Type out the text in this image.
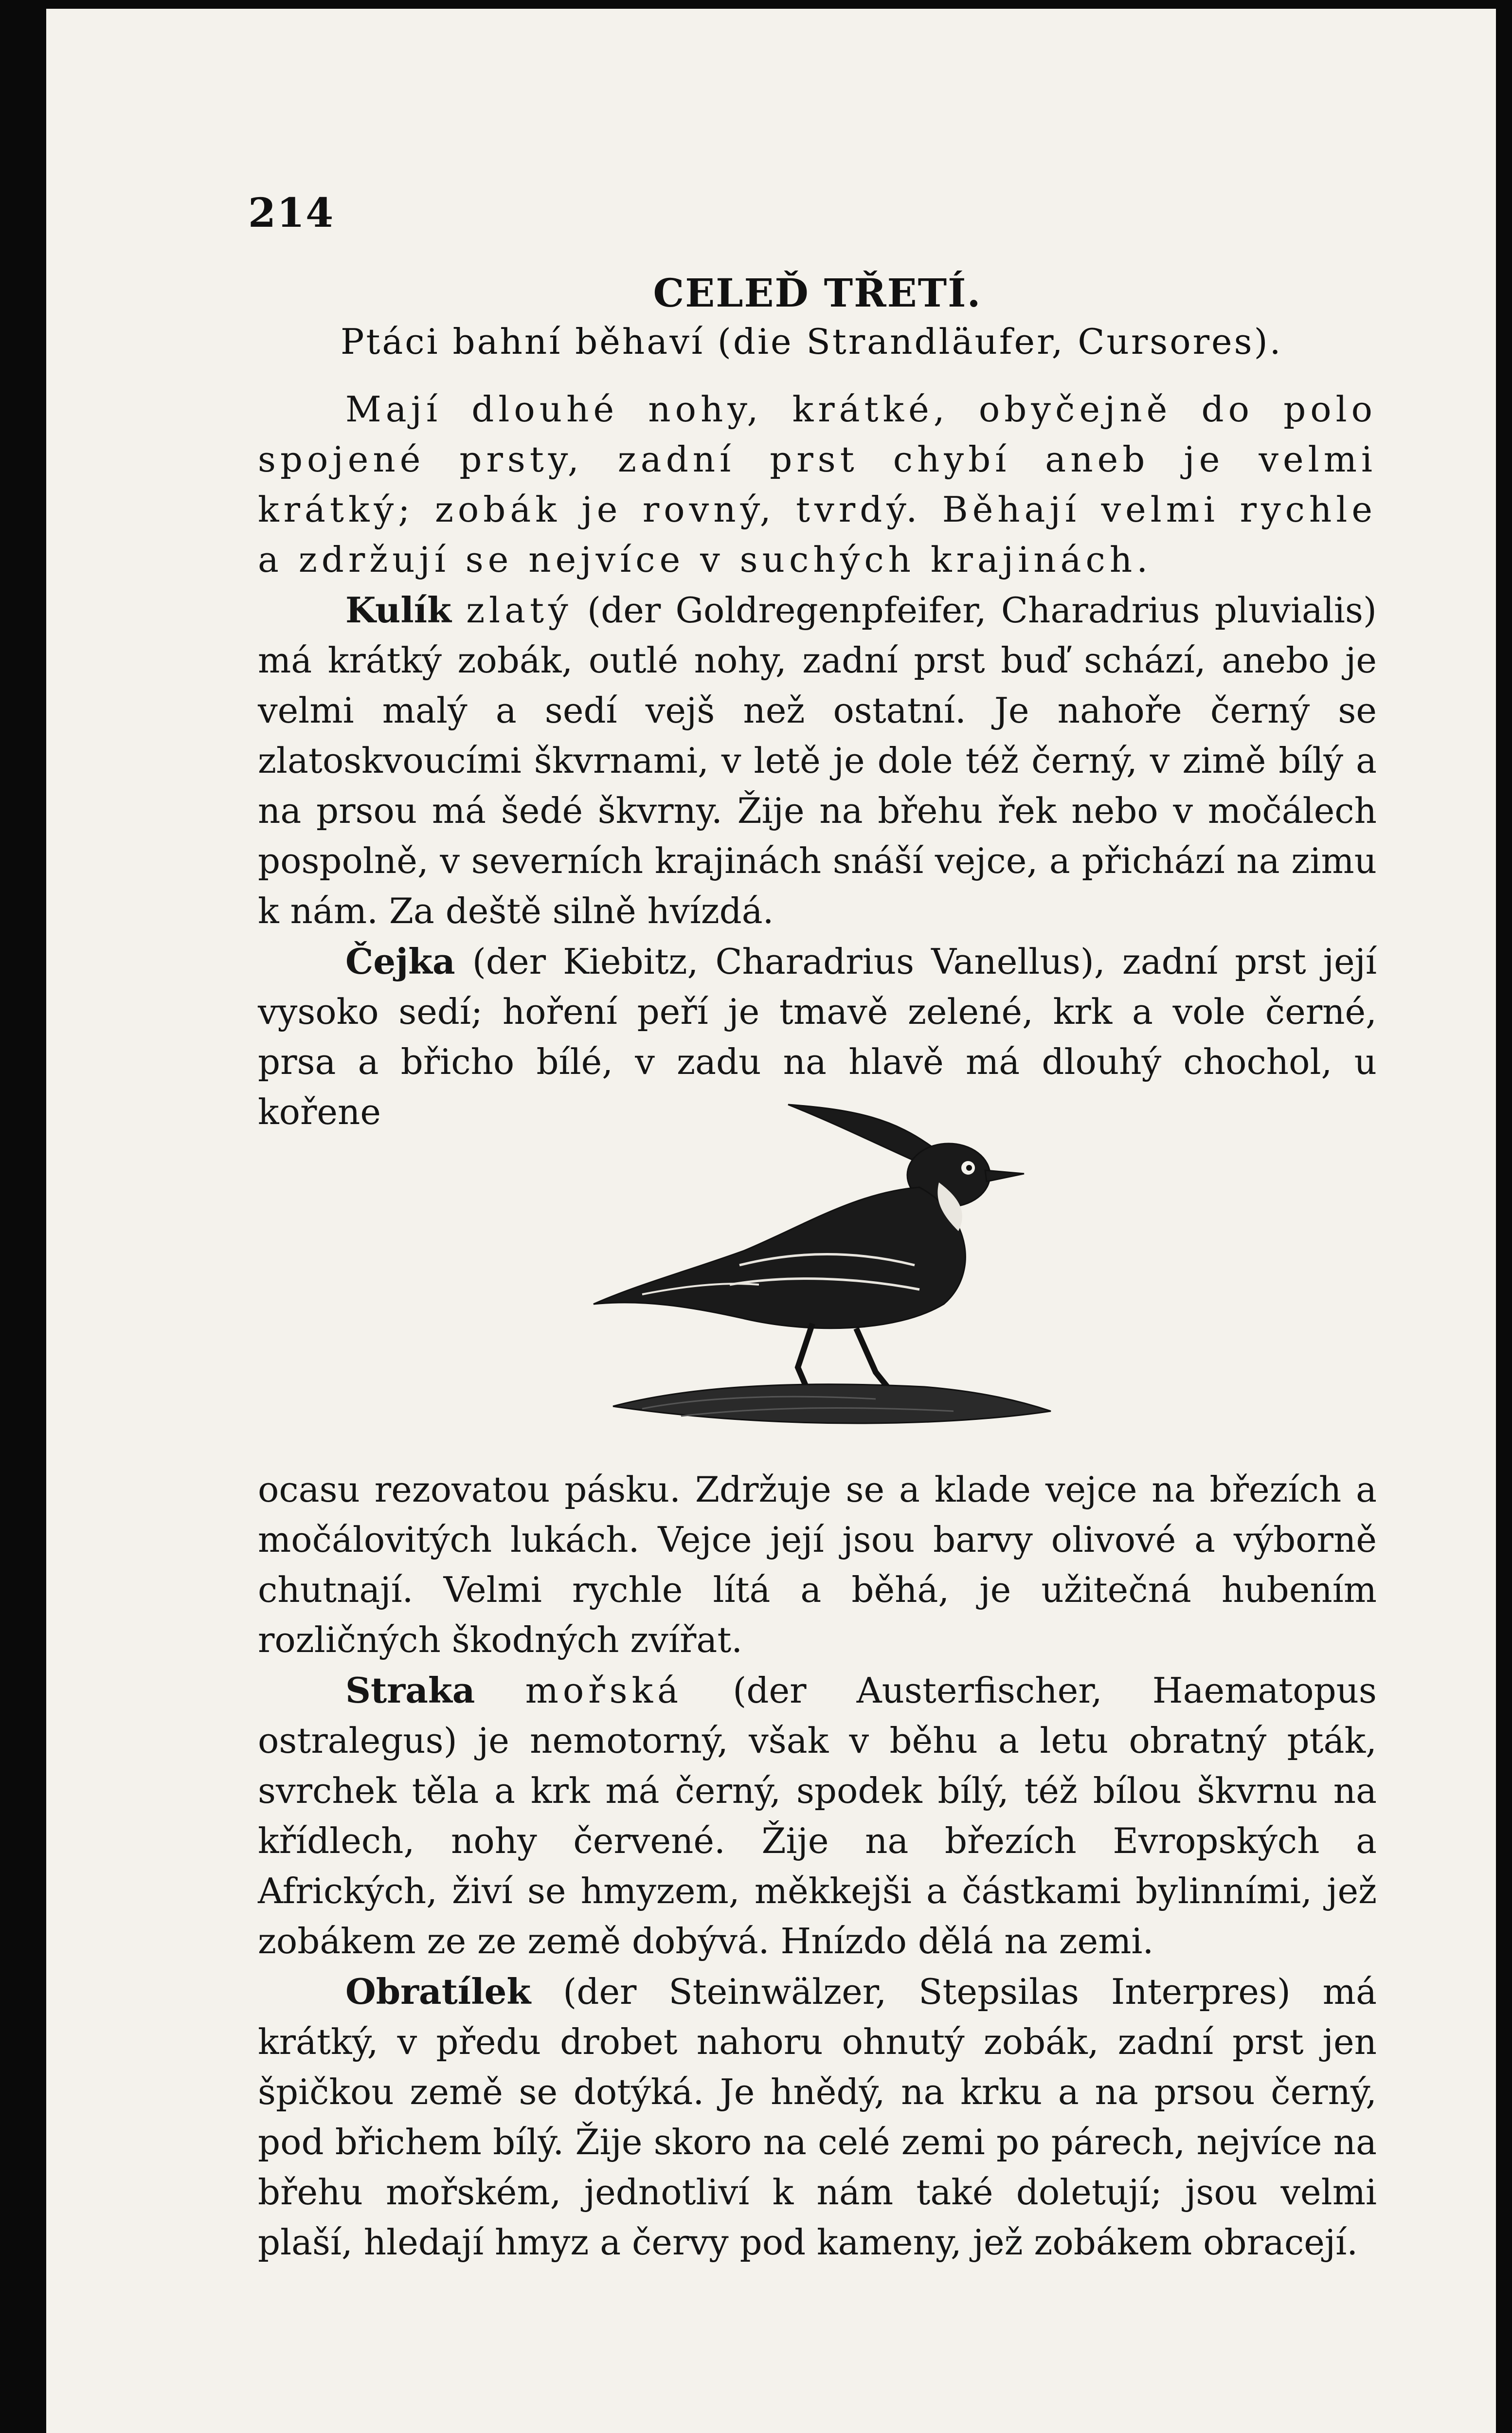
214
CELEĎ TŘETÍ.
Ptáci bahní běhaví (die Strandläufer, Cursores).

Mají dlouhé nohy, krátké, obyčejně do polo spojené prsty, zadní prst chybí aneb je velmi krátký; zobák je rovný, tvrdý. Běhají velmi rychle a zdržují se nejvíce v suchých krajinách.

Kulík zlatý (der Goldregenpfeifer, Charadrius pluvialis) má krátký zobák, outlé nohy, zadní prst buď schází, anebo je velmi malý a sedí vejš než ostatní. Je nahoře černý se zlatoskvoucími škvrnami, v letě je dole též černý, v zimě bílý a na prsou má šedé škvrny. Žije na břehu řek nebo v močálech pospolně, v severních krajinách snáší vejce, a přichází na zimu k nám. Za deště silně hvízdá.

Čejka (der Kiebitz, Charadrius Vanellus), zadní prst její vysoko sedí; hoření peří je tmavě zelené, krk a vole černé, prsa a břicho bílé, v zadu na hlavě má dlouhý chochol, u kořene

ocasu rezovatou pásku. Zdržuje se a klade vejce na březích a močálovitých lukách. Vejce její jsou barvy olivové a výborně chutnají. Velmi rychle lítá a běhá, je užitečná hubením rozličných škodných zvířat.

Straka mořská (der Austerfischer, Haematopus ostralegus) je nemotorný, však v běhu a letu obratný pták, svrchek těla a krk má černý, spodek bílý, též bílou škvrnu na křídlech, nohy červené. Žije na březích Evropských a Afrických, živí se hmyzem, měkkejši a částkami bylinními, jež zobákem ze ze země dobývá. Hnízdo dělá na zemi.

Obratílek (der Steinwälzer, Stepsilas Interpres) má krátký, v předu drobet nahoru ohnutý zobák, zadní prst jen špičkou země se dotýká. Je hnědý, na krku a na prsou černý, pod břichem bílý. Žije skoro na celé zemi po párech, nejvíce na břehu mořském, jednotliví k nám také doletují; jsou velmi plaší, hledají hmyz a červy pod kameny, jež zobákem obracejí.
